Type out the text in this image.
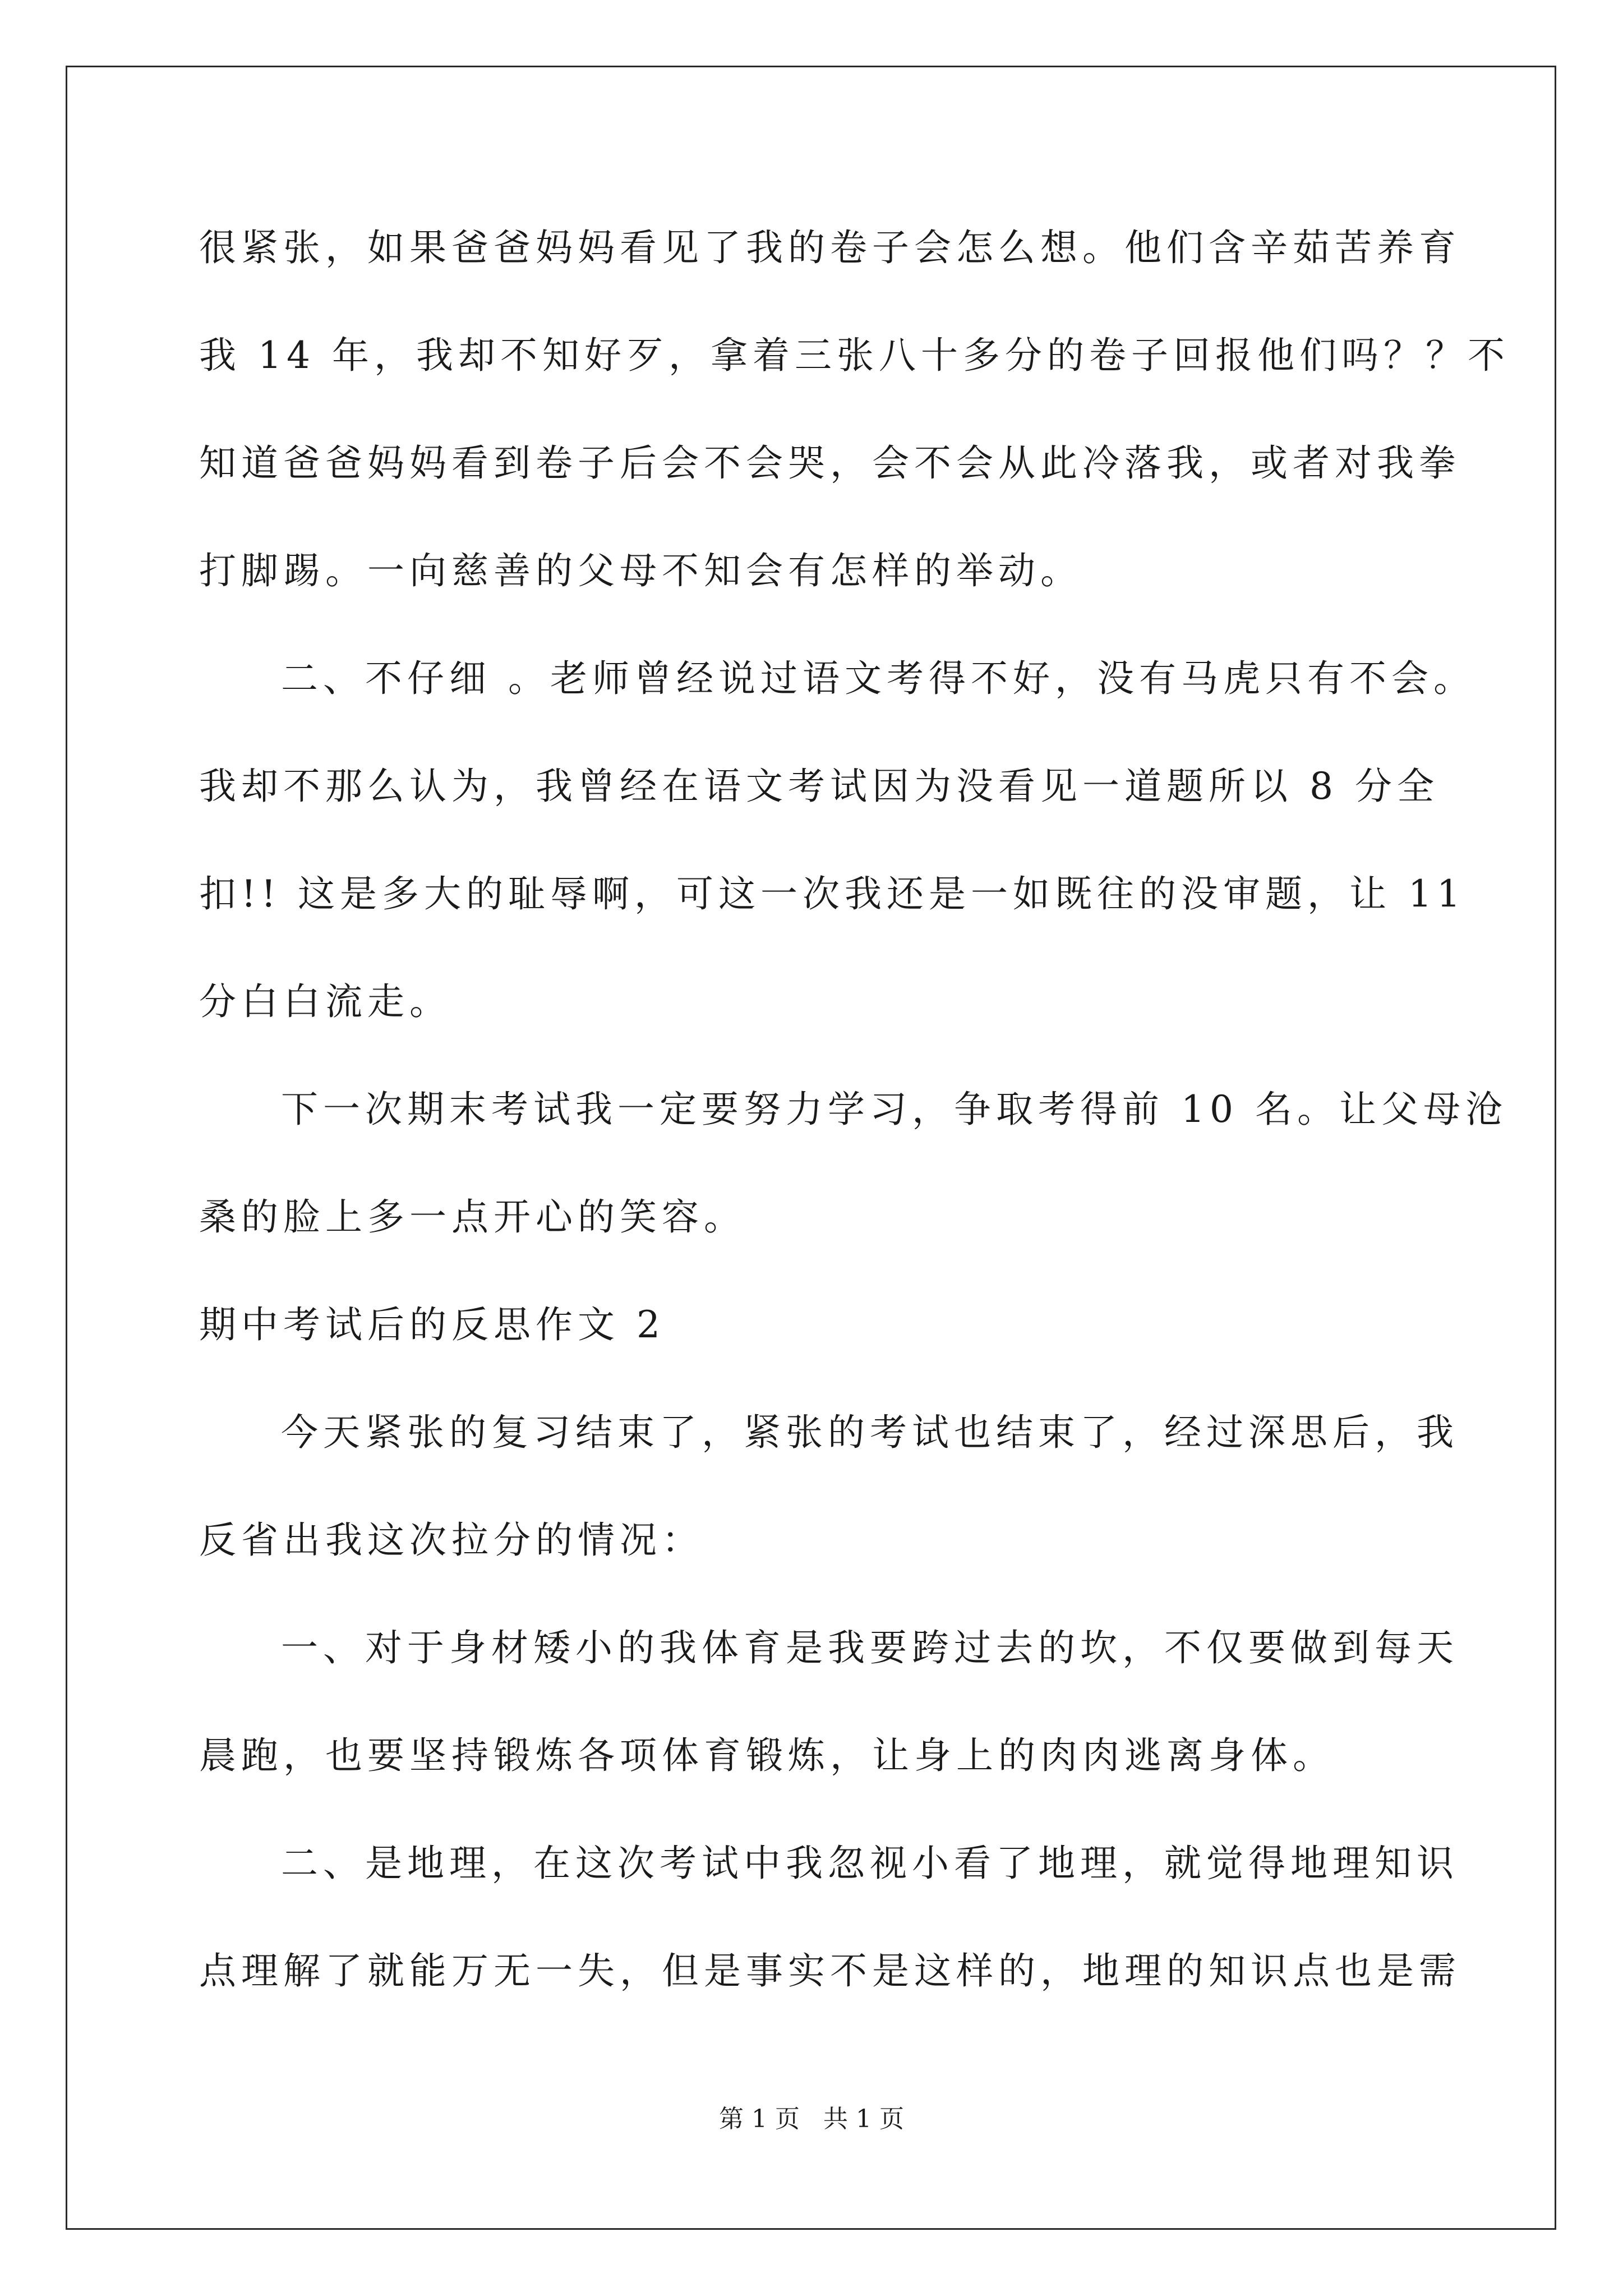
很紧张，如果爸爸妈妈看见了我的卷子会怎么想。他们含辛茹苦养育
我 14 年，我却不知好歹，拿着三张八十多分的卷子回报他们吗？？不
知道爸爸妈妈看到卷子后会不会哭，会不会从此冷落我，或者对我拳
打脚踢。一向慈善的父母不知会有怎样的举动。
二、不仔细 。老师曾经说过语文考得不好，没有马虎只有不会。
我却不那么认为，我曾经在语文考试因为没看见一道题所以 8 分全
扣!! 这是多大的耻辱啊，可这一次我还是一如既往的没审题，让 11
分白白流走。
下一次期末考试我一定要努力学习，争取考得前 10 名。让父母沧
桑的脸上多一点开心的笑容。
期中考试后的反思作文 2
今天紧张的复习结束了，紧张的考试也结束了，经过深思后，我
反省出我这次拉分的情况：
一、对于身材矮小的我体育是我要跨过去的坎，不仅要做到每天
晨跑，也要坚持锻炼各项体育锻炼，让身上的肉肉逃离身体。
二、是地理，在这次考试中我忽视小看了地理，就觉得地理知识
点理解了就能万无一失，但是事实不是这样的，地理的知识点也是需
第 1 页   共 1 页
